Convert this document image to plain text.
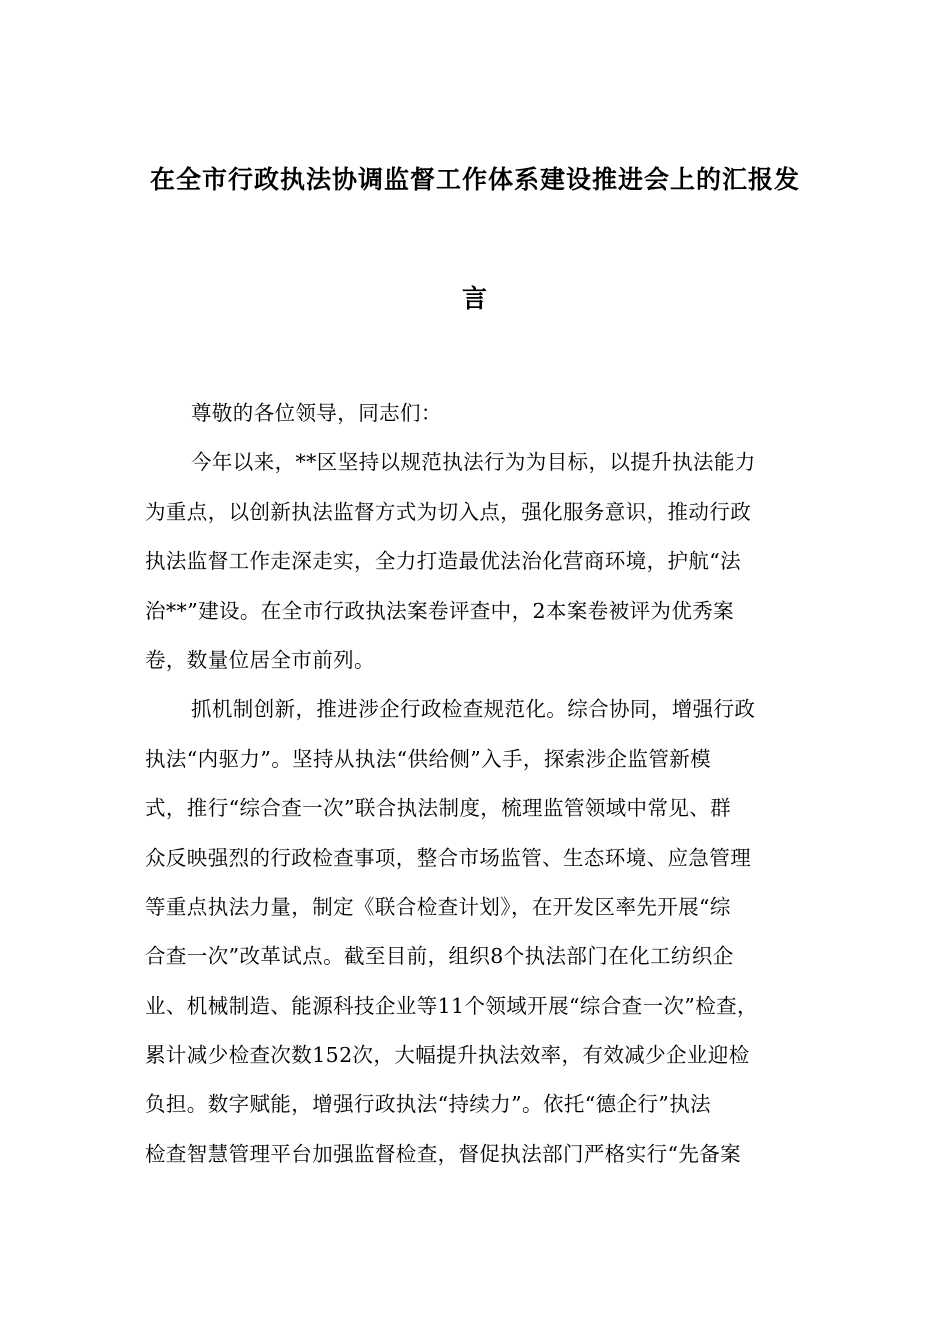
在全市行政执法协调监督工作体系建设推进会上的汇报发
言
尊敬的各位领导，同志们：
今年以来，**区坚持以规范执法行为为目标，以提升执法能力
为重点，以创新执法监督方式为切入点，强化服务意识，推动行政
执法监督工作走深走实，全力打造最优法治化营商环境，护航“法
治**”建设。在全市行政执法案卷评查中，2本案卷被评为优秀案
卷，数量位居全市前列。
抓机制创新，推进涉企行政检查规范化。综合协同，增强行政
执法“内驱力”。坚持从执法“供给侧”入手，探索涉企监管新模
式，推行“综合查一次”联合执法制度，梳理监管领域中常见、群
众反映强烈的行政检查事项，整合市场监管、生态环境、应急管理
等重点执法力量，制定《联合检查计划》，在开发区率先开展“综
合查一次”改革试点。截至目前，组织8个执法部门在化工纺织企
业、机械制造、能源科技企业等11个领域开展“综合查一次”检查，
累计减少检查次数152次，大幅提升执法效率，有效减少企业迎检
负担。数字赋能，增强行政执法“持续力”。依托“德企行”执法
检查智慧管理平台加强监督检查，督促执法部门严格实行“先备案
